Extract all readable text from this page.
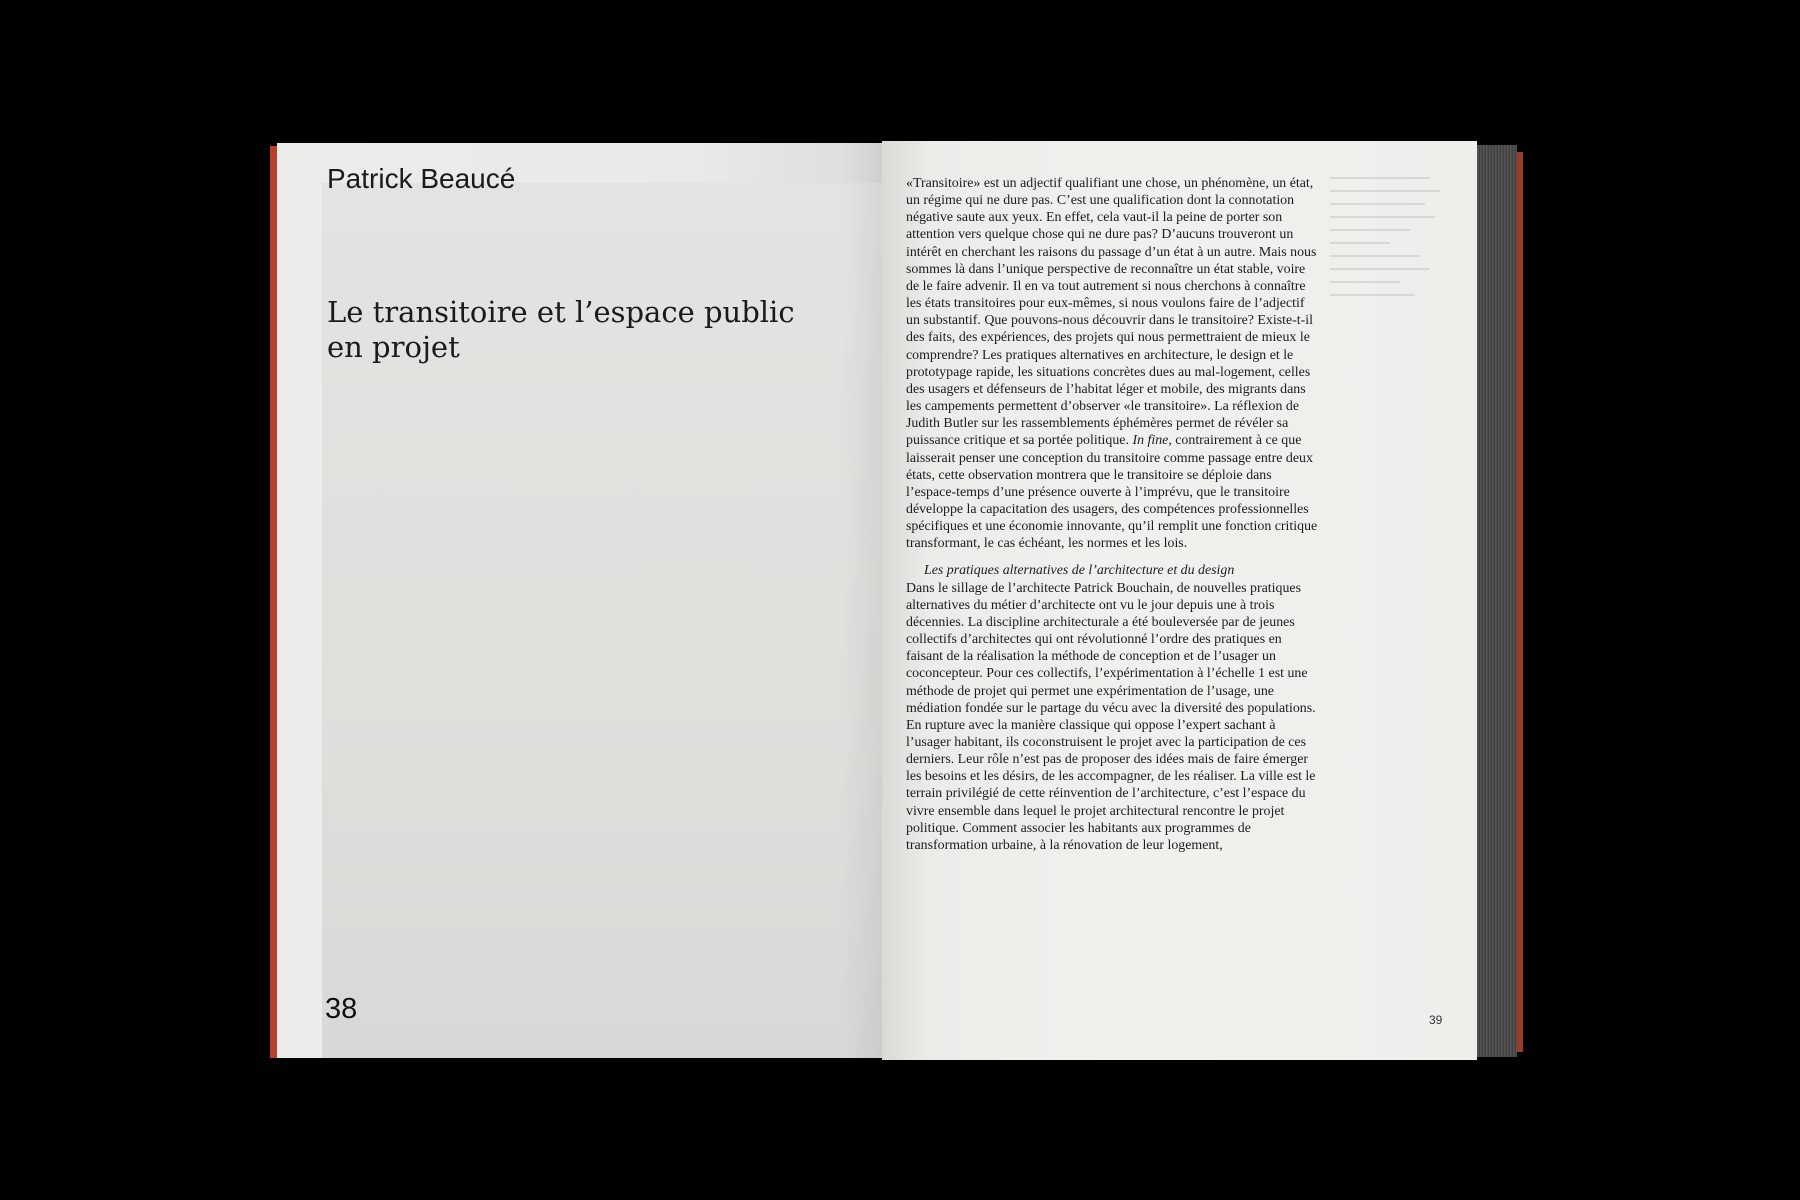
Patrick Beaucé
Le transitoire et l’espace public
en projet
38

«Transitoire» est un adjectif qualifiant une chose, un phénomène, un état, un régime qui ne dure pas. C’est une qualification dont la connotation négative saute aux yeux. En effet, cela vaut-il la peine de porter son attention vers quelque chose qui ne dure pas? D’aucuns trouveront un intérêt en cherchant les raisons du passage d’un état à un autre. Mais nous sommes là dans l’unique perspective de reconnaître un état stable, voire de le faire advenir. Il en va tout autrement si nous cherchons à connaître les états transitoires pour eux-mêmes, si nous voulons faire de l’adjectif un substantif. Que pouvons-nous découvrir dans le transitoire? Existe-t-il des faits, des expériences, des projets qui nous permettraient de mieux le comprendre? Les pratiques alternatives en architecture, le design et le prototypage rapide, les situations concrètes dues au mal-logement, celles des usagers et défenseurs de l’habitat léger et mobile, des migrants dans les campements permettent d’observer «le transitoire». La réflexion de Judith Butler sur les rassemblements éphémères permet de révéler sa puissance critique et sa portée politique. In fine, contrairement à ce que laisserait penser une conception du transitoire comme passage entre deux états, cette observation montrera que le transitoire se déploie dans l’espace-temps d’une présence ouverte à l’imprévu, que le transitoire développe la capacitation des usagers, des compétences professionnelles spécifiques et une économie innovante, qu’il remplit une fonction critique transformant, le cas échéant, les normes et les lois.

Les pratiques alternatives de l’architecture et du design

Dans le sillage de l’architecte Patrick Bouchain, de nouvelles pratiques alternatives du métier d’architecte ont vu le jour depuis une à trois décennies. La discipline architecturale a été bouleversée par de jeunes collectifs d’architectes qui ont révolutionné l’ordre des pratiques en faisant de la réalisation la méthode de conception et de l’usager un coconcepteur. Pour ces collectifs, l’expérimentation à l’échelle 1 est une méthode de projet qui permet une expérimentation de l’usage, une médiation fondée sur le partage du vécu avec la diversité des populations.

En rupture avec la manière classique qui oppose l’expert sachant à l’usager habitant, ils coconstruisent le projet avec la participation de ces derniers. Leur rôle n’est pas de proposer des idées mais de faire émerger les besoins et les désirs, de les accompagner, de les réaliser. La ville est le terrain privilégié de cette réinvention de l’architecture, c’est l’espace du vivre ensemble dans lequel le projet architectural rencontre le projet politique. Comment associer les habitants aux programmes de transformation urbaine, à la rénovation de leur logement,

39
